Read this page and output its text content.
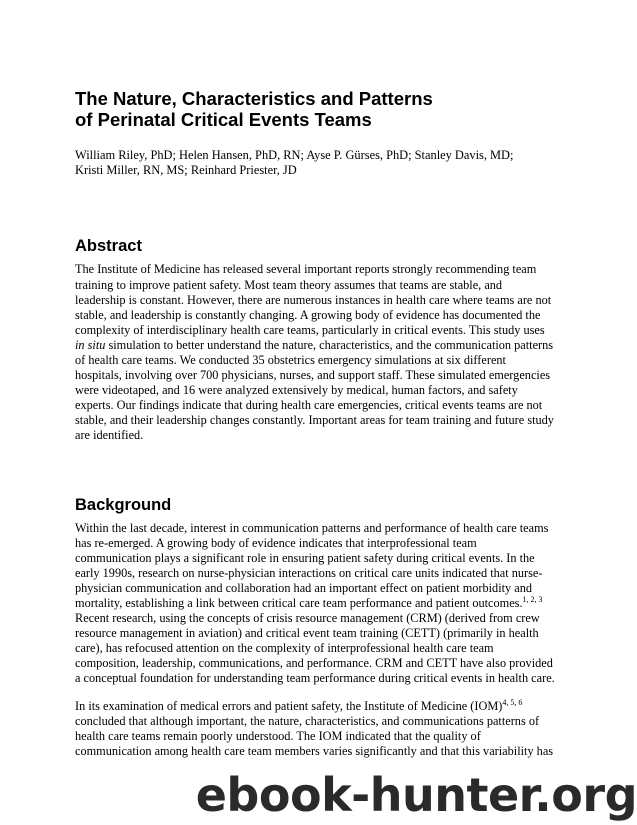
The Nature, Characteristics and Patterns
of Perinatal Critical Events Teams
William Riley, PhD; Helen Hansen, PhD, RN; Ayse P. Gürses, PhD; Stanley Davis, MD;
Kristi Miller, RN, MS; Reinhard Priester, JD
Abstract

The Institute of Medicine has released several important reports strongly recommending team training to improve patient safety. Most team theory assumes that teams are stable, and leadership is constant. However, there are numerous instances in health care where teams are not stable, and leadership is constantly changing. A growing body of evidence has documented the complexity of interdisciplinary health care teams, particularly in critical events. This study uses in situ simulation to better understand the nature, characteristics, and the communication patterns of health care teams. We conducted 35 obstetrics emergency simulations at six different hospitals, involving over 700 physicians, nurses, and support staff. These simulated emergencies were videotaped, and 16 were analyzed extensively by medical, human factors, and safety experts. Our findings indicate that during health care emergencies, critical events teams are not stable, and their leadership changes constantly. Important areas for team training and future study are identified.

Background

Within the last decade, interest in communication patterns and performance of health care teams has re-emerged. A growing body of evidence indicates that interprofessional team communication plays a significant role in ensuring patient safety during critical events. In the early 1990s, research on nurse-physician interactions on critical care units indicated that nurse-physician communication and collaboration had an important effect on patient morbidity and mortality, establishing a link between critical care team performance and patient outcomes.$^{1, 2, 3}$ Recent research, using the concepts of crisis resource management (CRM) (derived from crew resource management in aviation) and critical event team training (CETT) (primarily in health care), has refocused attention on the complexity of interprofessional health care team composition, leadership, communications, and performance. CRM and CETT have also provided a conceptual foundation for understanding team performance during critical events in health care.

In its examination of medical errors and patient safety, the Institute of Medicine (IOM)$^{4, 5, 6}$ concluded that although important, the nature, characteristics, and communications patterns of health care teams remain poorly understood. The IOM indicated that the quality of communication among health care team members varies significantly and that this variability has

ebook-hunter.org
